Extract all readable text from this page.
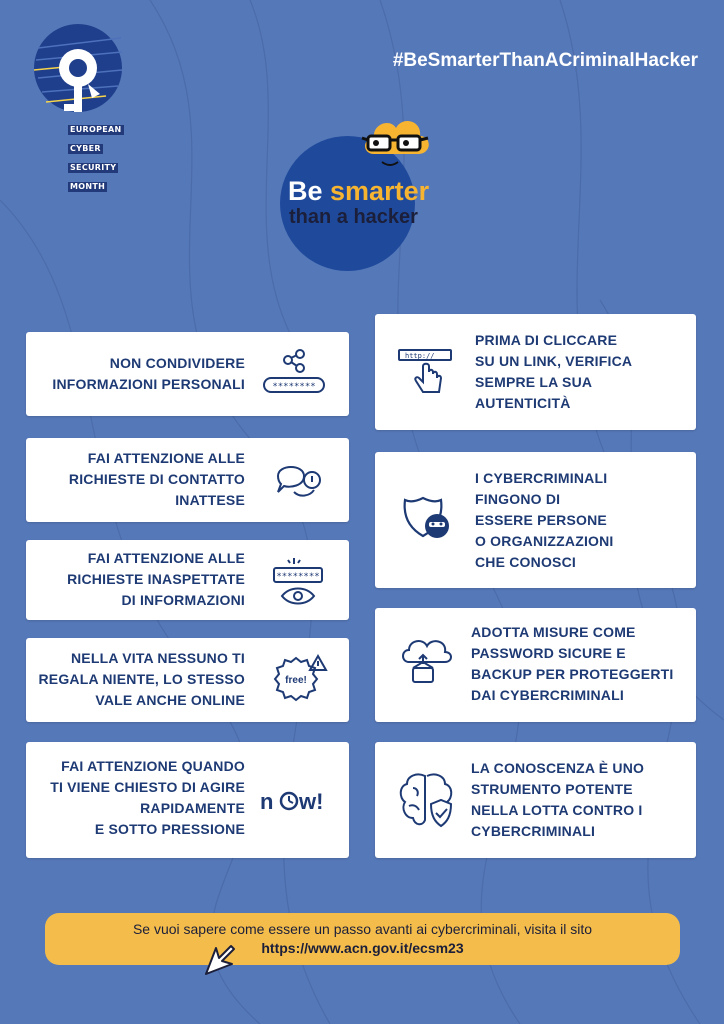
EUROPEAN
CYBER
SECURITY
MONTH
#BeSmarterThanACriminalHacker
Be smarter
than a hacker
NON CONDIVIDERE
INFORMAZIONI PERSONALI	********
FAI ATTENZIONE ALLE
RICHIESTE DI CONTATTO
INATTESE
FAI ATTENZIONE ALLE
RICHIESTE INASPETTATE
DI INFORMAZIONI
********
NELLA VITA NESSUNO TI
REGALA NIENTE, LO STESSO
VALE ANCHE ONLINE
free!
FAI ATTENZIONE QUANDO
TI VIENE CHIESTO DI AGIRE
RAPIDAMENTE
E SOTTO PRESSIONE
n w!
http://
PRIMA DI CLICCARE
SU UN LINK, VERIFICA
SEMPRE LA SUA
AUTENTICITÀ
I CYBERCRIMINALI
FINGONO DI
ESSERE PERSONE
O ORGANIZZAZIONI
CHE CONOSCI
ADOTTA MISURE COME
PASSWORD SICURE E
BACKUP PER PROTEGGERTI
DAI CYBERCRIMINALI
LA CONOSCENZA È UNO
STRUMENTO POTENTE
NELLA LOTTA CONTRO I
CYBERCRIMINALI
Se vuoi sapere come essere un passo avanti ai cybercriminali, visita il sito
https://www.acn.gov.it/ecsm23
